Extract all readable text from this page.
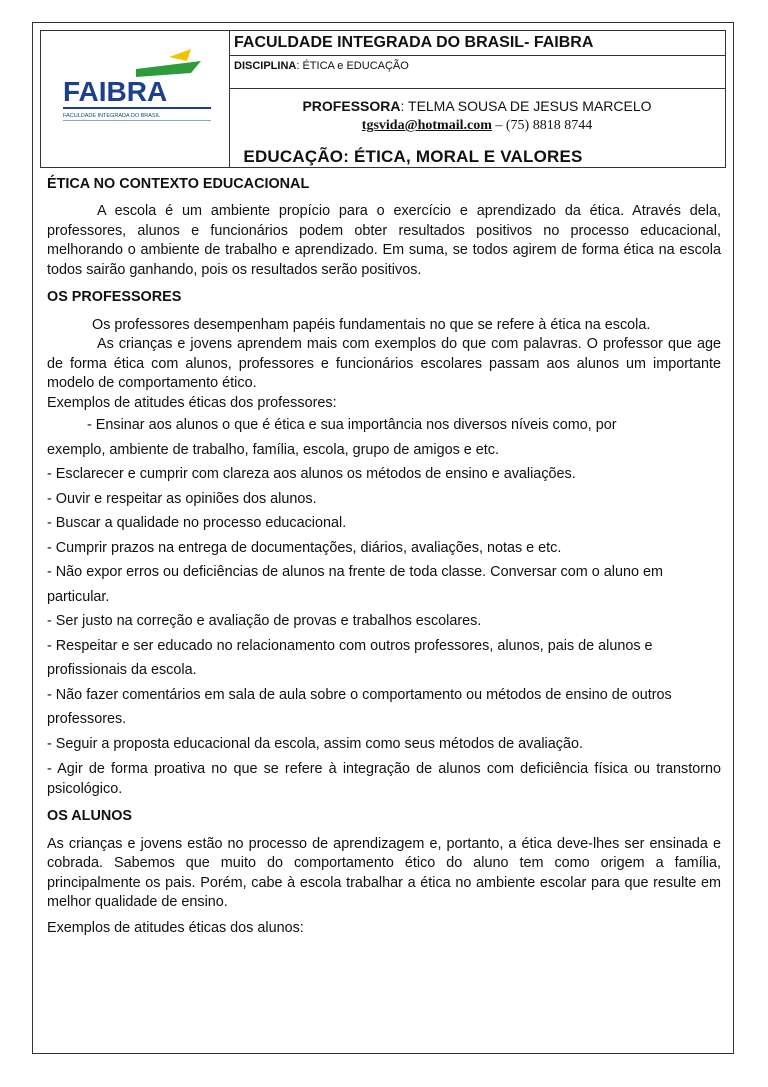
FAIBRA
FACULDADE INTEGRADA DO BRASIL
FACULDADE INTEGRADA DO BRASIL- FAIBRA
DISCIPLINA: ÉTICA e EDUCAÇÃO
PROFESSORA: TELMA SOUSA DE JESUS MARCELO
tgsvida@hotmail.com – (75) 8818 8744
EDUCAÇÃO: ÉTICA, MORAL E VALORES
ÉTICA NO CONTEXTO EDUCACIONAL

A escola é um ambiente propício para o exercício e aprendizado da ética. Através dela, professores, alunos e funcionários podem obter resultados positivos no processo educacional, melhorando o ambiente de trabalho e aprendizado. Em suma, se todos agirem de forma ética na escola todos sairão ganhando, pois os resultados serão positivos.

OS PROFESSORES

Os professores desempenham papéis fundamentais no que se refere à ética na escola.

As crianças e jovens aprendem mais com exemplos do que com palavras. O professor que age de forma ética com alunos, professores e funcionários escolares passam aos alunos um importante modelo de comportamento ético.

Exemplos de atitudes éticas dos professores:

- Ensinar aos alunos o que é ética e sua importância nos diversos níveis como, por
exemplo, ambiente de trabalho, família, escola, grupo de amigos e etc.
- Esclarecer e cumprir com clareza aos alunos os métodos de ensino e avaliações.
- Ouvir e respeitar as opiniões dos alunos.
- Buscar a qualidade no processo educacional.
- Cumprir prazos na entrega de documentações, diários, avaliações, notas e etc.
- Não expor erros ou deficiências de alunos na frente de toda classe. Conversar com o aluno em
particular.
- Ser justo na correção e avaliação de provas e trabalhos escolares.
- Respeitar e ser educado no relacionamento com outros professores, alunos, pais de alunos e
profissionais da escola.
- Não fazer comentários em sala de aula sobre o comportamento ou métodos de ensino de outros
professores.
- Seguir a proposta educacional da escola, assim como seus métodos de avaliação.

- Agir de forma proativa no que se refere à integração de alunos com deficiência física ou transtorno psicológico.

OS ALUNOS

As crianças e jovens estão no processo de aprendizagem e, portanto, a ética deve-lhes ser ensinada e cobrada. Sabemos que muito do comportamento ético do aluno tem como origem a família, principalmente os pais. Porém, cabe à escola trabalhar a ética no ambiente escolar para que resulte em melhor qualidade de ensino.

Exemplos de atitudes éticas dos alunos:
